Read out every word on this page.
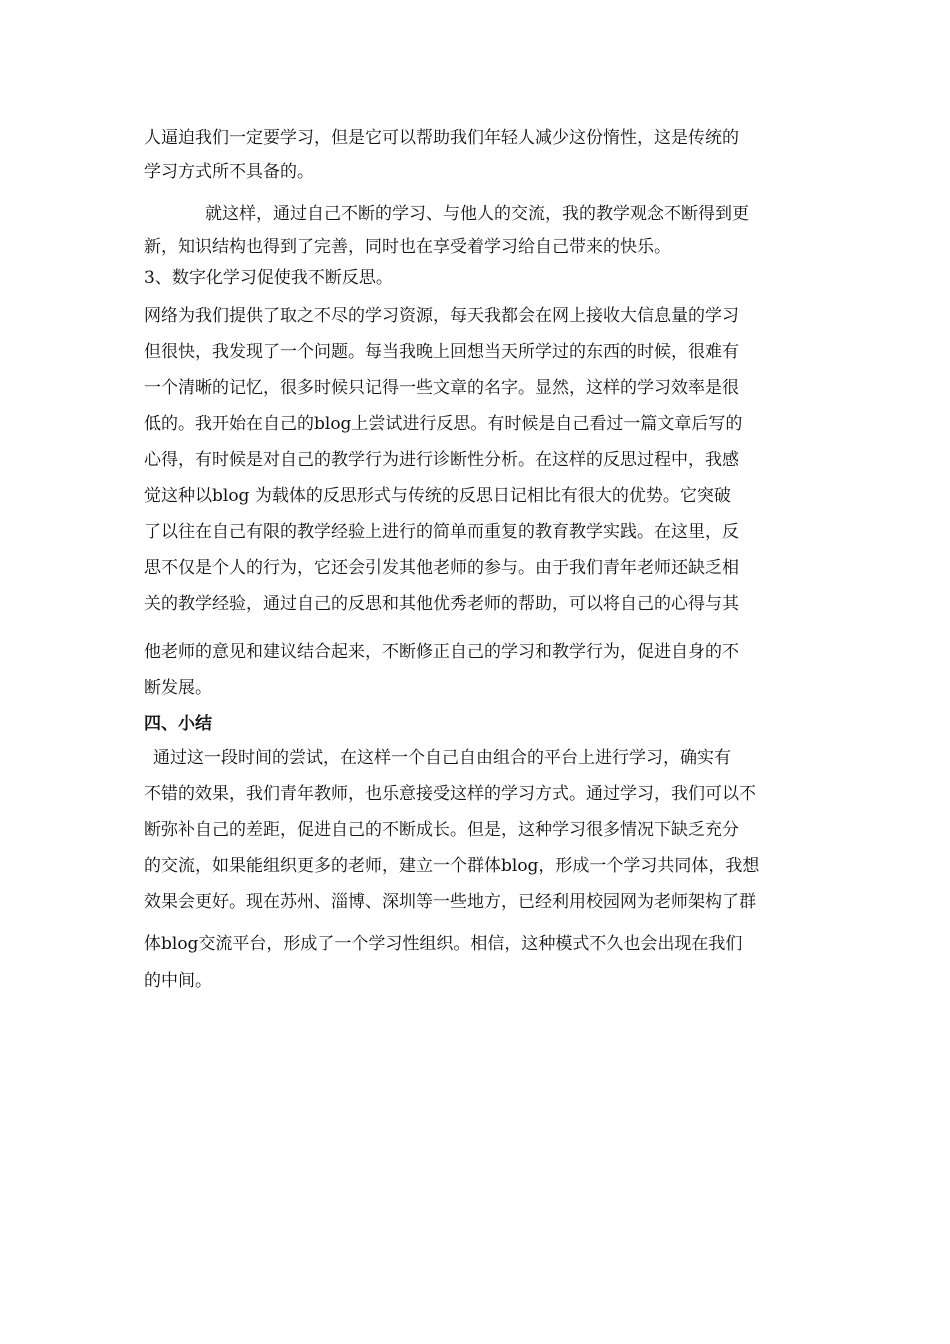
人逼迫我们一定要学习，但是它可以帮助我们年轻人减少这份惰性，这是传统的
学习方式所不具备的。
就这样，通过自己不断的学习、与他人的交流，我的教学观念不断得到更
新，知识结构也得到了完善，同时也在享受着学习给自己带来的快乐。
3、数字化学习促使我不断反思。
网络为我们提供了取之不尽的学习资源，每天我都会在网上接收大信息量的学习
但很快，我发现了一个问题。每当我晚上回想当天所学过的东西的时候，很难有
一个清晰的记忆，很多时候只记得一些文章的名字。显然，这样的学习效率是很
低的。我开始在自己的blog上尝试进行反思。有时候是自己看过一篇文章后写的
心得，有时候是对自己的教学行为进行诊断性分析。在这样的反思过程中，我感
觉这种以blog 为载体的反思形式与传统的反思日记相比有很大的优势。它突破
了以往在自己有限的教学经验上进行的简单而重复的教育教学实践。在这里，反
思不仅是个人的行为，它还会引发其他老师的参与。由于我们青年老师还缺乏相
关的教学经验，通过自己的反思和其他优秀老师的帮助，可以将自己的心得与其
他老师的意见和建议结合起来，不断修正自己的学习和教学行为，促进自身的不
断发展。
四、小结
通过这一段时间的尝试，在这样一个自己自由组合的平台上进行学习，确实有
不错的效果，我们青年教师，也乐意接受这样的学习方式。通过学习，我们可以不
断弥补自己的差距，促进自己的不断成长。但是，这种学习很多情况下缺乏充分
的交流，如果能组织更多的老师，建立一个群体blog，形成一个学习共同体，我想
效果会更好。现在苏州、淄博、深圳等一些地方，已经利用校园网为老师架构了群
体blog交流平台，形成了一个学习性组织。相信，这种模式不久也会出现在我们
的中间。
